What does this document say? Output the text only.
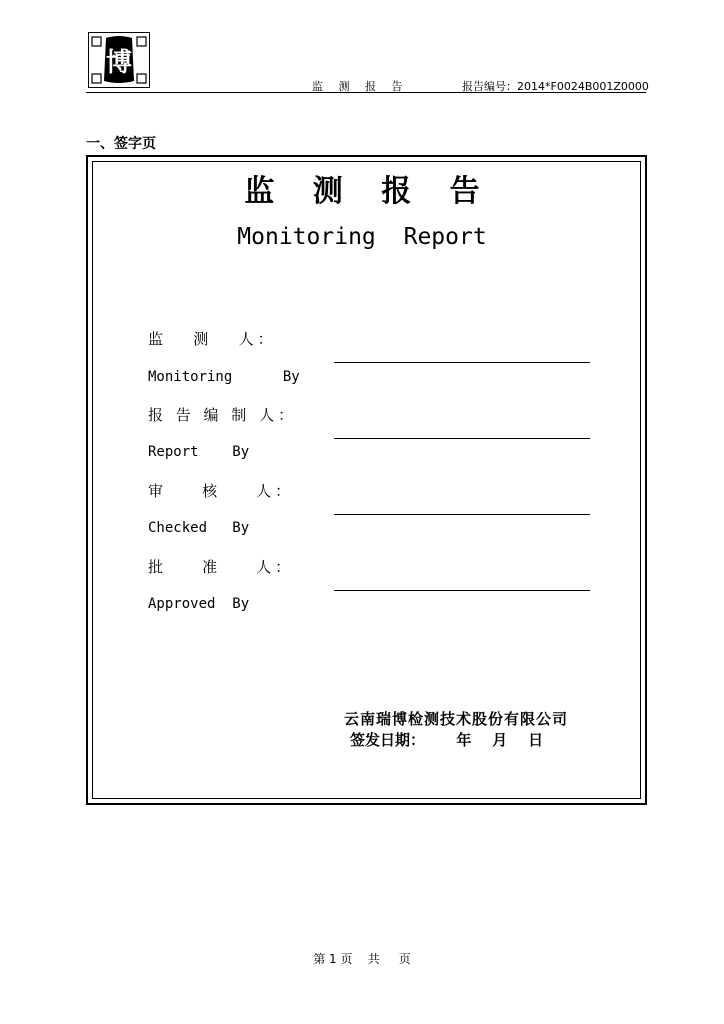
博
监 测 报 告	报告编号：2014*F0024B001Z0000
一、签字页
监 测 报 告
Monitoring Report
监   测   人：
Monitoring      By
报 告 编 制 人：
Report    By
审    核    人：
Checked   By
批    准    人：
Approved  By
云南瑞博检测技术股份有限公司
签发日期：      年    月    日
第 1 页    共     页
